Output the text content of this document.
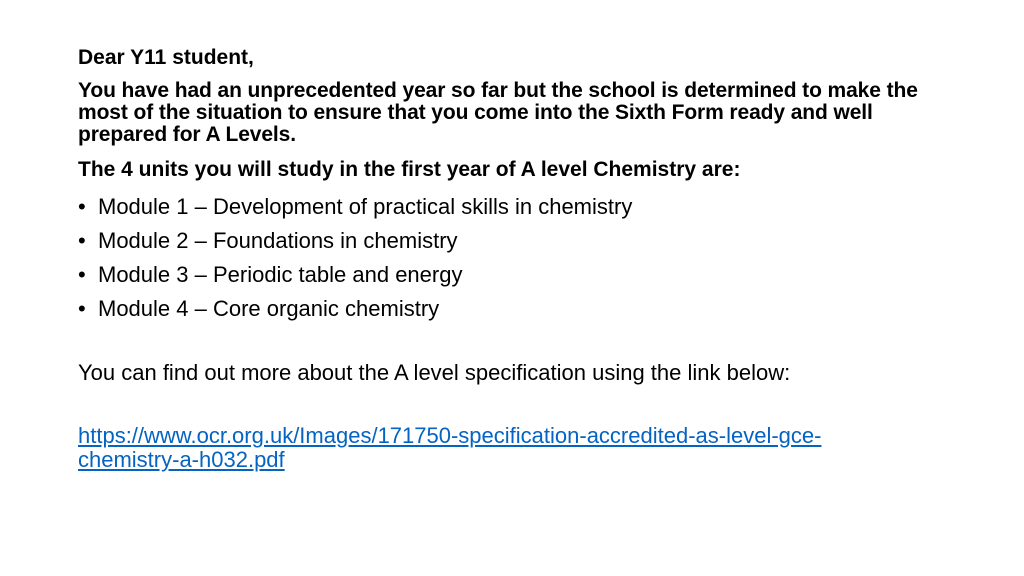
Dear Y11 student,

You have had an unprecedented year so far but the school is determined to make the most of the situation to ensure that you come into the Sixth Form ready and well prepared for A Levels.

The 4 units you will study in the first year of A level Chemistry are:

• Module 1 – Development of practical skills in chemistry
• Module 2 – Foundations in chemistry
• Module 3 – Periodic table and energy
• Module 4 – Core organic chemistry

You can find out more about the A level specification using the link below:

https://www.ocr.org.uk/Images/171750-specification-accredited-as-level-gce-chemistry-a-h032.pdf
